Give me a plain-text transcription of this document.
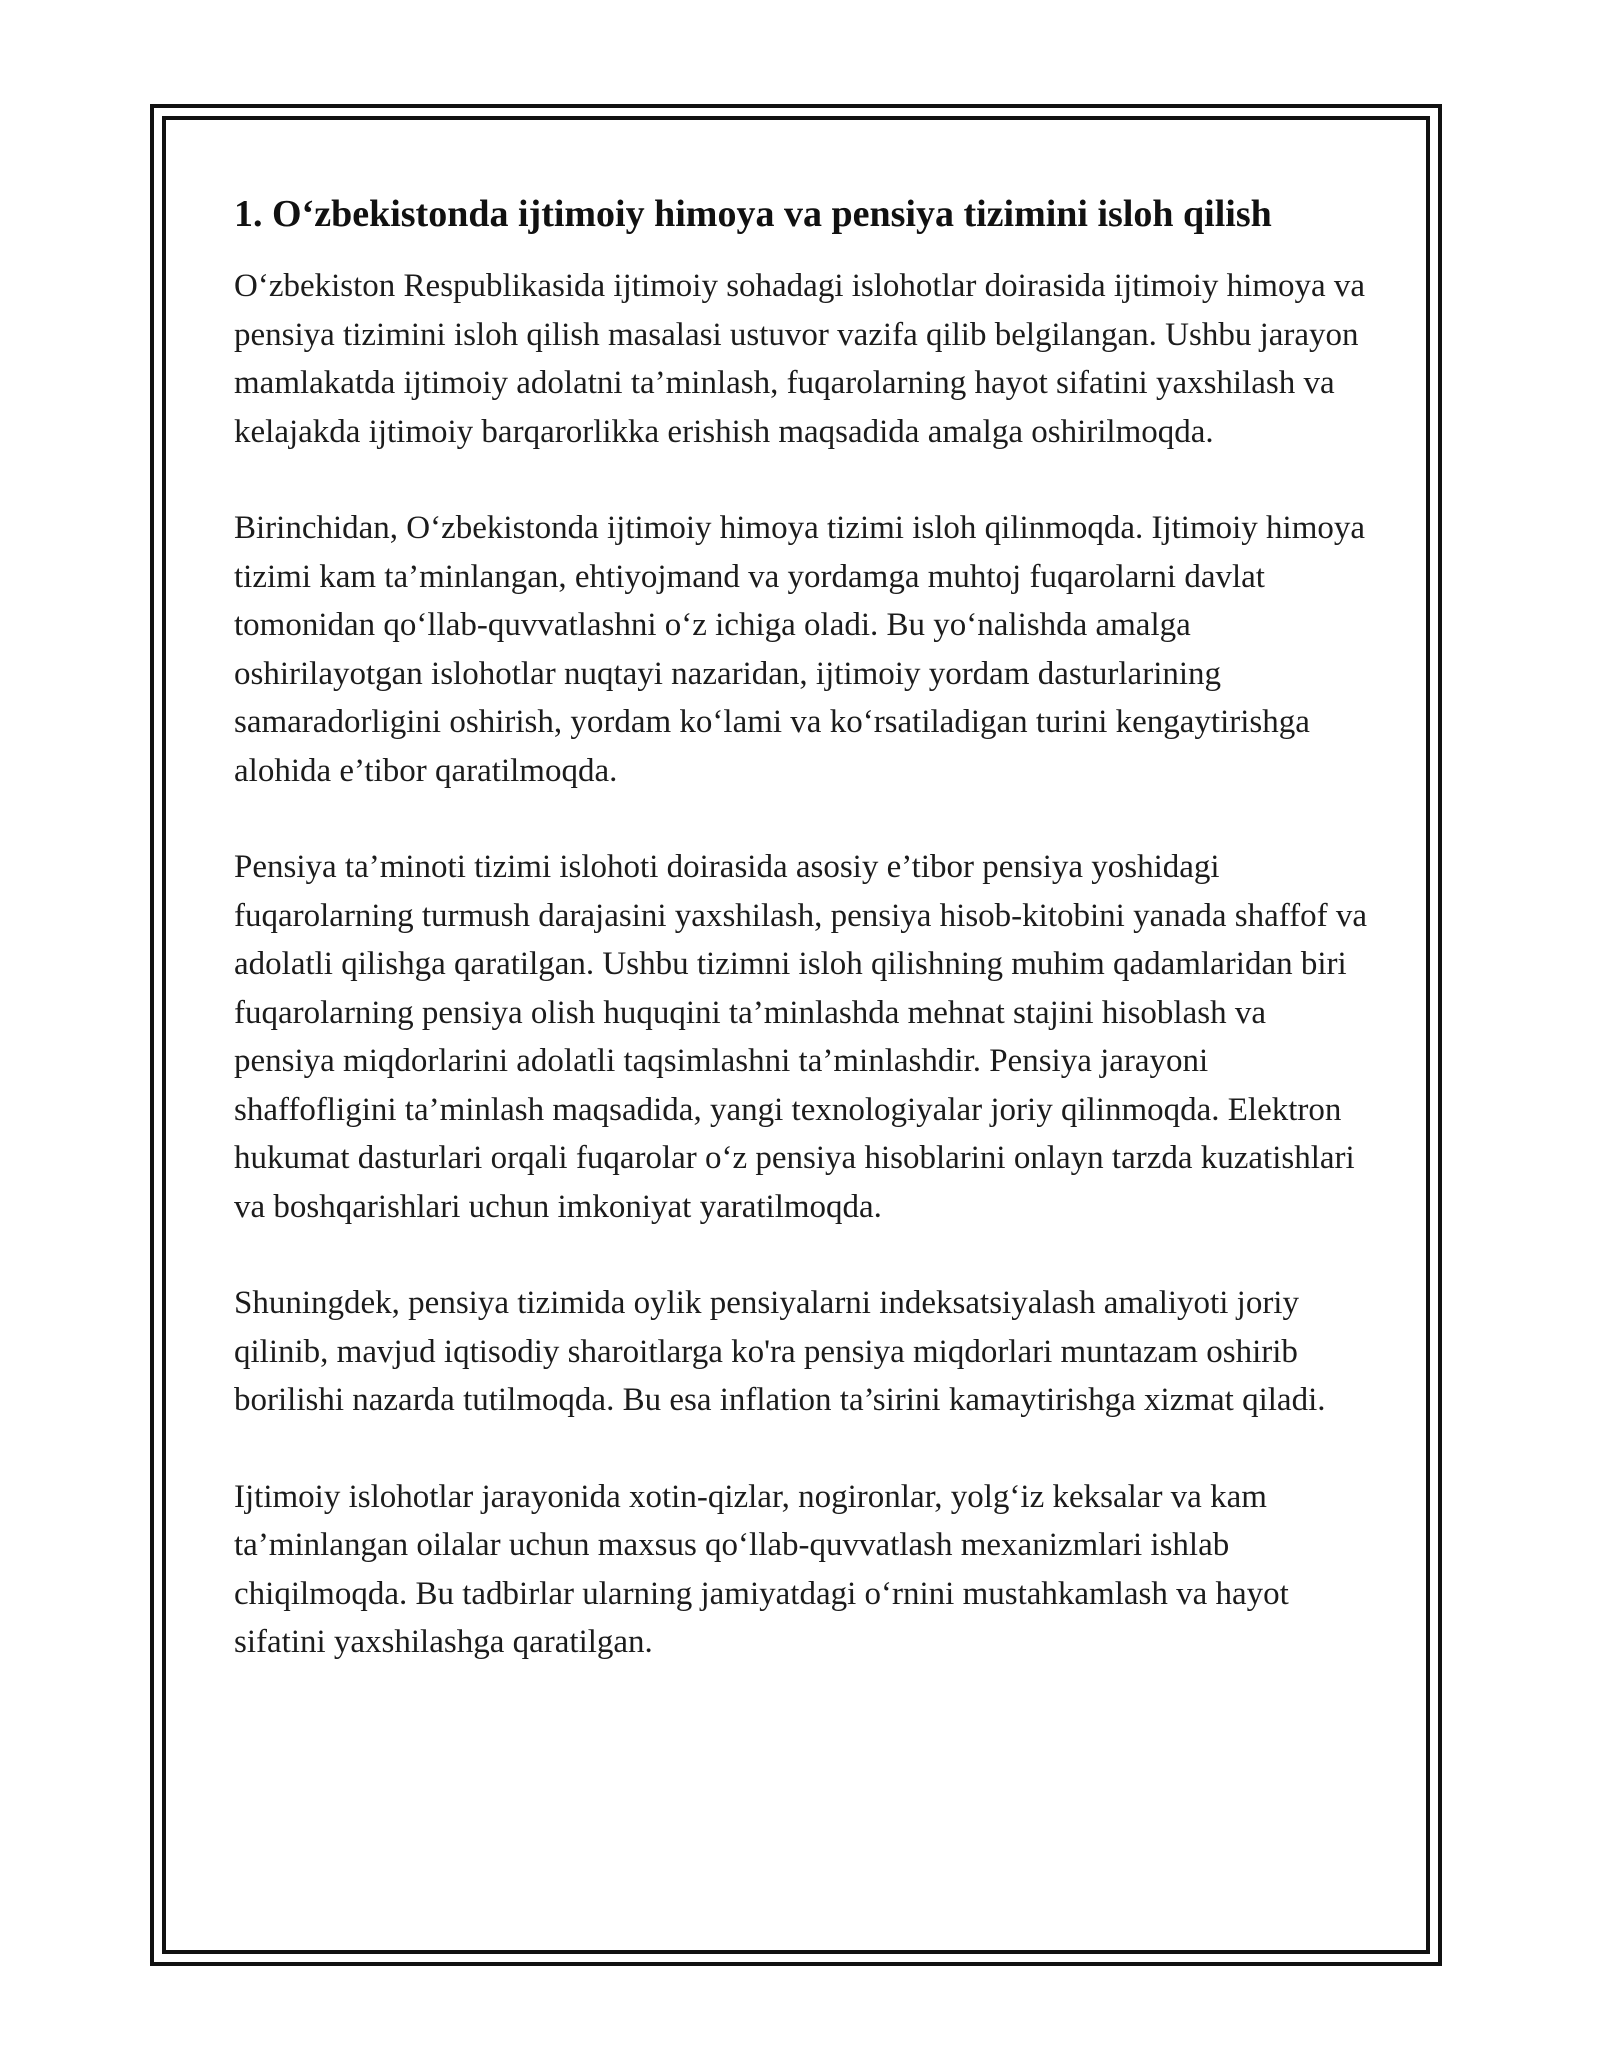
1. O‘zbekistonda ijtimoiy himoya va pensiya tizimini isloh qilish

O‘zbekiston Respublikasida ijtimoiy sohadagi islohotlar doirasida ijtimoiy himoya va pensiya tizimini isloh qilish masalasi ustuvor vazifa qilib belgilangan. Ushbu jarayon mamlakatda ijtimoiy adolatni ta’minlash, fuqarolarning hayot sifatini yaxshilash va kelajakda ijtimoiy barqarorlikka erishish maqsadida amalga oshirilmoqda.

Birinchidan, O‘zbekistonda ijtimoiy himoya tizimi isloh qilinmoqda. Ijtimoiy himoya tizimi kam ta’minlangan, ehtiyojmand va yordamga muhtoj fuqarolarni davlat tomonidan qo‘llab-quvvatlashni o‘z ichiga oladi. Bu yo‘nalishda amalga oshirilayotgan islohotlar nuqtayi nazaridan, ijtimoiy yordam dasturlarining samaradorligini oshirish, yordam ko‘lami va ko‘rsatiladigan turini kengaytirishga alohida e’tibor qaratilmoqda.

Pensiya ta’minoti tizimi islohoti doirasida asosiy e’tibor pensiya yoshidagi fuqarolarning turmush darajasini yaxshilash, pensiya hisob-kitobini yanada shaffof va adolatli qilishga qaratilgan. Ushbu tizimni isloh qilishning muhim qadamlaridan biri fuqarolarning pensiya olish huquqini ta’minlashda mehnat stajini hisoblash va pensiya miqdorlarini adolatli taqsimlashni ta’minlashdir. Pensiya jarayoni shaffofligini ta’minlash maqsadida, yangi texnologiyalar joriy qilinmoqda. Elektron hukumat dasturlari orqali fuqarolar o‘z pensiya hisoblarini onlayn tarzda kuzatishlari va boshqarishlari uchun imkoniyat yaratilmoqda.

Shuningdek, pensiya tizimida oylik pensiyalarni indeksatsiyalash amaliyoti joriy qilinib, mavjud iqtisodiy sharoitlarga ko'ra pensiya miqdorlari muntazam oshirib borilishi nazarda tutilmoqda. Bu esa inflation ta’sirini kamaytirishga xizmat qiladi.

Ijtimoiy islohotlar jarayonida xotin-qizlar, nogironlar, yolg‘iz keksalar va kam ta’minlangan oilalar uchun maxsus qo‘llab-quvvatlash mexanizmlari ishlab chiqilmoqda. Bu tadbirlar ularning jamiyatdagi o‘rnini mustahkamlash va hayot sifatini yaxshilashga qaratilgan.
